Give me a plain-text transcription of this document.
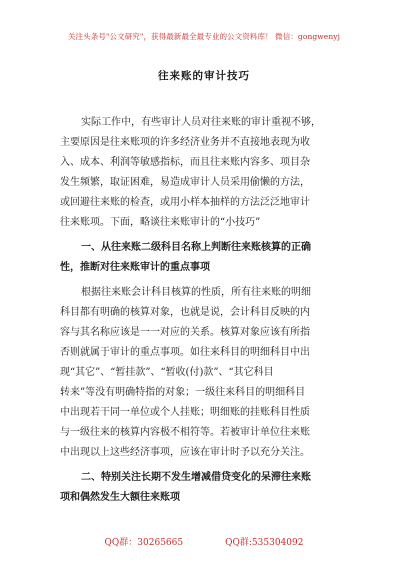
关注头条号"公文研究"，获得最新最全最专业的公文资料库！ 微信：gongwenyj
往来账的审计技巧
实际工作中，有些审计人员对往来账的审计重视不够，
主要原因是往来账项的许多经济业务并不直接地表现为收
入、成本、利润等敏感指标，而且往来账内容多、项目杂
发生频繁，取证困难，易造成审计人员采用偷懒的方法，
或回避往来账的检查，或用小样本抽样的方法泛泛地审计
往来账项。下面，略谈往来账审计的“小技巧”
一、从往来账二级科目名称上判断往来账核算的正确
性，推断对往来账审计的重点事项
根据往来账会计科目核算的性质，所有往来账的明细
科目都有明确的核算对象，也就是说，会计科目反映的内
容与其名称应该是一一对应的关系。核算对象应该有所指
否则就属于审计的重点事项。如往来科目的明细科目中出
现“其它”、“暂挂款”、“暂收(付)款”、“其它科目
转来”等没有明确特指的对象；一级往来科目的明细科目
中出现若干同一单位或个人挂账；明细账的挂账科目性质
与一级往来的核算内容极不相符等。若被审计单位往来账
中出现以上这些经济事项，应该在审计时予以充分关注。
二、特别关注长期不发生增减借贷变化的呆滞往来账
项和偶然发生大额往来账项
QQ群：30265665	QQ群:535304092
